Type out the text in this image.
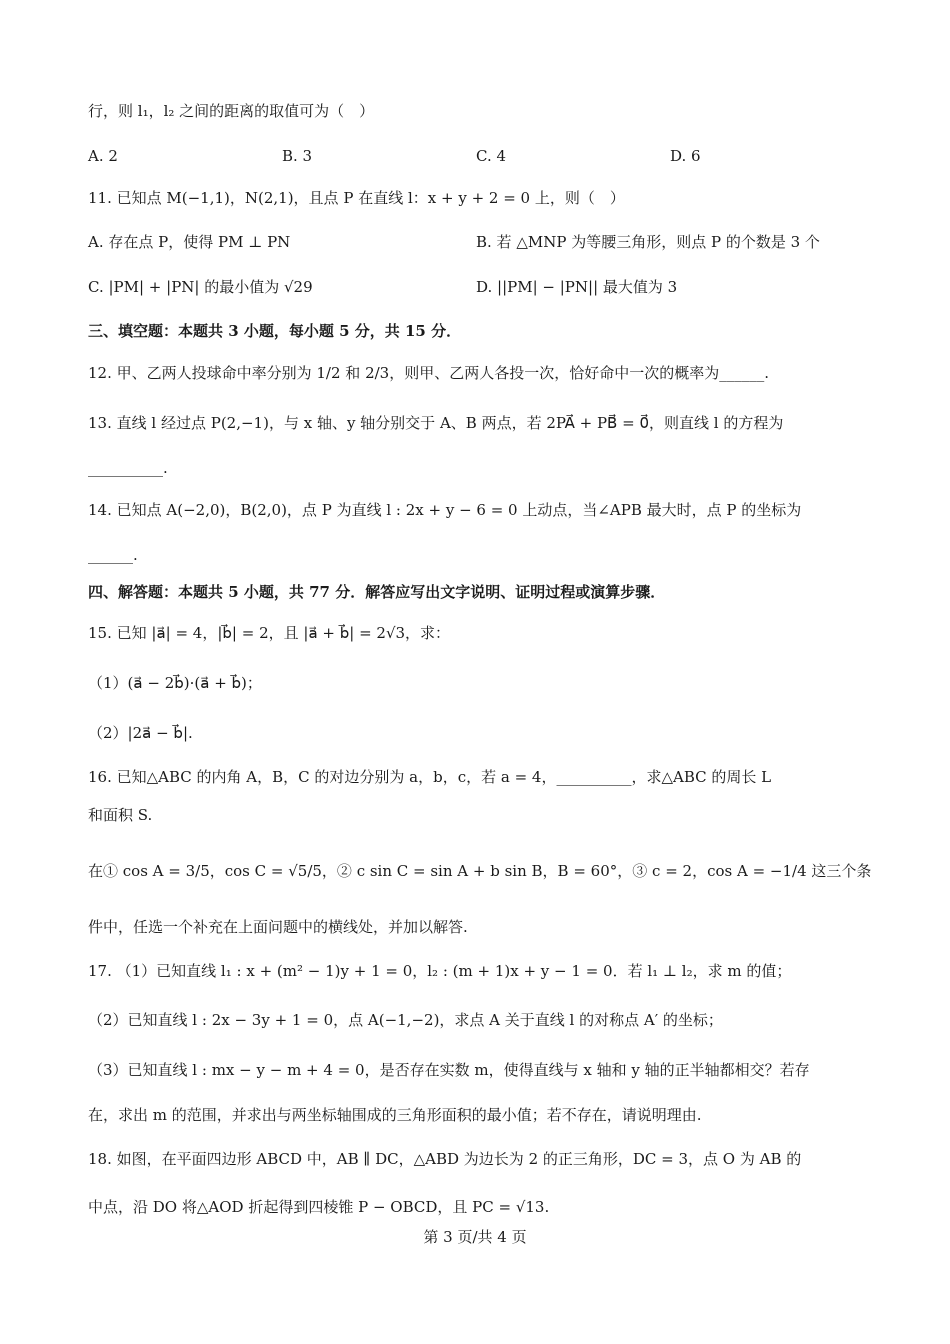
行，则 l₁，l₂ 之间的距离的取值可为（　）
A. 2	B. 3	C. 4	D. 6
11. 已知点 M(−1,1)，N(2,1)，且点 P 在直线 l：x + y + 2 = 0 上，则（　）
A. 存在点 P，使得 PM ⊥ PN	B. 若 △MNP 为等腰三角形，则点 P 的个数是 3 个
C. |PM| + |PN| 的最小值为 √29	D. ||PM| − |PN|| 最大值为 3
三、填空题：本题共 3 小题，每小题 5 分，共 15 分．
12. 甲、乙两人投球命中率分别为 1/2 和 2/3，则甲、乙两人各投一次，恰好命中一次的概率为______.
13. 直线 l 经过点 P(2,−1)，与 x 轴、y 轴分别交于 A、B 两点，若 2PA⃗ + PB⃗ = 0⃗，则直线 l 的方程为
__________.
14. 已知点 A(−2,0)，B(2,0)，点 P 为直线 l : 2x + y − 6 = 0 上动点，当∠APB 最大时，点 P 的坐标为
______.
四、解答题：本题共 5 小题，共 77 分．解答应写出文字说明、证明过程或演算步骤．
15. 已知 |a⃗| = 4，|b⃗| = 2，且 |a⃗ + b⃗| = 2√3，求：
（1）(a⃗ − 2b⃗)·(a⃗ + b⃗)；
（2）|2a⃗ − b⃗|.
16. 已知△ABC 的内角 A，B，C 的对边分别为 a，b，c，若 a = 4，__________，求△ABC 的周长 L
和面积 S.
在① cos A = 3/5，cos C = √5/5，② c sin C = sin A + b sin B，B = 60°，③ c = 2，cos A = −1/4 这三个条
件中，任选一个补充在上面问题中的横线处，并加以解答.
17. （1）已知直线 l₁ : x + (m² − 1)y + 1 = 0，l₂ : (m + 1)x + y − 1 = 0．若 l₁ ⊥ l₂，求 m 的值；
（2）已知直线 l : 2x − 3y + 1 = 0，点 A(−1,−2)，求点 A 关于直线 l 的对称点 A′ 的坐标；
（3）已知直线 l : mx − y − m + 4 = 0，是否存在实数 m，使得直线与 x 轴和 y 轴的正半轴都相交？若存
在，求出 m 的范围，并求出与两坐标轴围成的三角形面积的最小值；若不存在，请说明理由.
18. 如图，在平面四边形 ABCD 中，AB ∥ DC，△ABD 为边长为 2 的正三角形，DC = 3，点 O 为 AB 的
中点，沿 DO 将△AOD 折起得到四棱锥 P − OBCD，且 PC = √13.
第 3 页/共 4 页
